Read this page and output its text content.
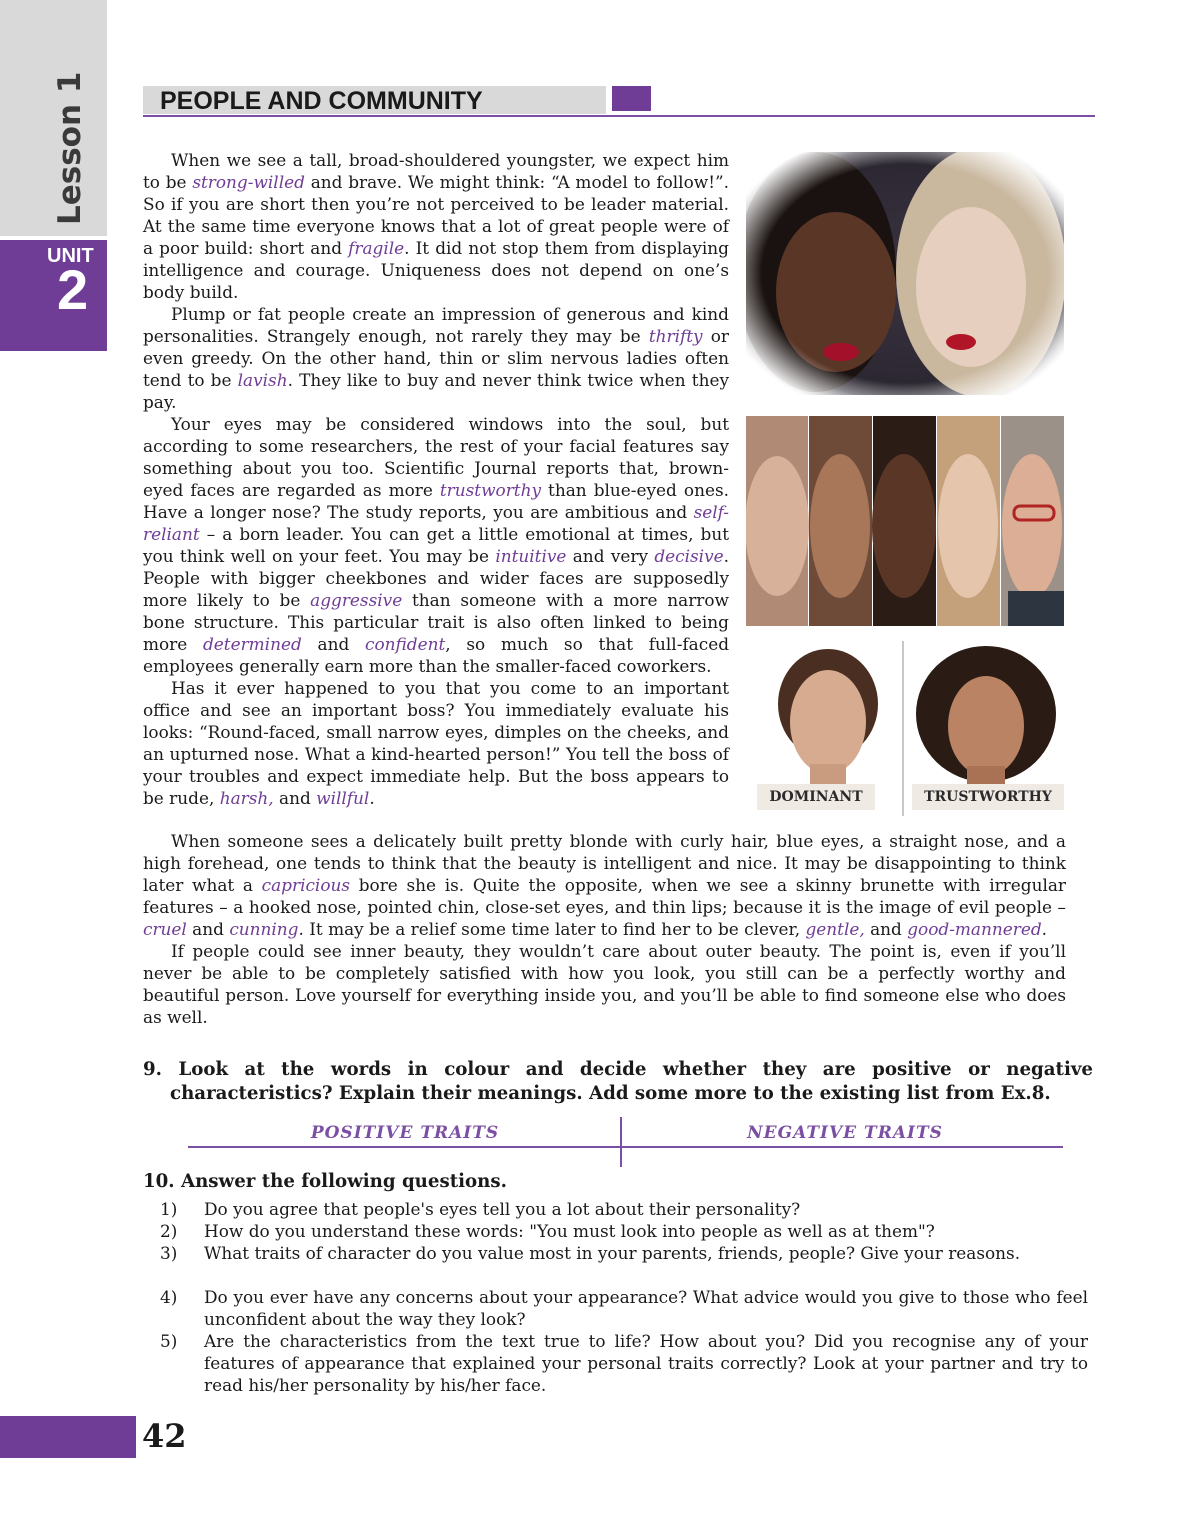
Lesson 1
UNIT
2
PEOPLE AND COMMUNITY

When we see a tall, broad-shouldered youngster, we expect him to be strong-willed and brave. We might think: “A model to follow!”. So if you are short then you’re not perceived to be leader material. At the same time everyone knows that a lot of great people were of a poor build: short and fragile. It did not stop them from displaying intelligence and courage. Uniqueness does not depend on one’s body build.

Plump or fat people create an impression of generous and kind personalities. Strangely enough, not rarely they may be thrifty or even greedy. On the other hand, thin or slim nervous ladies often tend to be lavish. They like to buy and never think twice when they pay.

Your eyes may be considered windows into the soul, but according to some researchers, the rest of your facial features say something about you too. Scientific Journal reports that, brown-eyed faces are regarded as more trustworthy than blue-eyed ones. Have a longer nose? The study reports, you are ambitious and self-reliant – a born leader. You can get a little emotional at times, but you think well on your feet. You may be intuitive and very decisive. People with bigger cheekbones and wider faces are supposedly more likely to be aggressive than someone with a more narrow bone structure. This particular trait is also often linked to being more determined and confident, so much so that full-faced employees generally earn more than the smaller-faced coworkers.

Has it ever happened to you that you come to an important office and see an important boss? You immediately evaluate his looks: “Round-faced, small narrow eyes, dimples on the cheeks, and an upturned nose. What a kind-hearted person!” You tell the boss of your troubles and expect immediate help. But the boss appears to be rude, harsh, and willful.

When someone sees a delicately built pretty blonde with curly hair, blue eyes, a straight nose, and a high forehead, one tends to think that the beauty is intelligent and nice. It may be disappointing to think later what a capricious bore she is. Quite the opposite, when we see a skinny brunette with irregular features – a hooked nose, pointed chin, close-set eyes, and thin lips; because it is the image of evil people – cruel and cunning. It may be a relief some time later to find her to be clever, gentle, and good-mannered.

If people could see inner beauty, they wouldn’t care about outer beauty. The point is, even if you’ll never be able to be completely satisfied with how you look, you still can be a perfectly worthy and beautiful person. Love yourself for everything inside you, and you’ll be able to find someone else who does as well.

DOMINANT	TRUSTWORTHY
9. Look at the words in colour and decide whether they are positive or negative characteristics? Explain their meanings. Add some more to the existing list from Ex.8.
POSITIVE TRAITS	NEGATIVE TRAITS
10. Answer the following questions.
1) Do you agree that people's eyes tell you a lot about their personality?
2) How do you understand these words: "You must look into people as well as at them"?
3) What traits of character do you value most in your parents, friends, people? Give your reasons.
4) Do you ever have any concerns about your appearance? What advice would you give to those who feel unconfident about the way they look?
5) Are the characteristics from the text true to life? How about you? Did you recognise any of your features of appearance that explained your personal traits correctly? Look at your partner and try to read his/her personality by his/her face.
42
